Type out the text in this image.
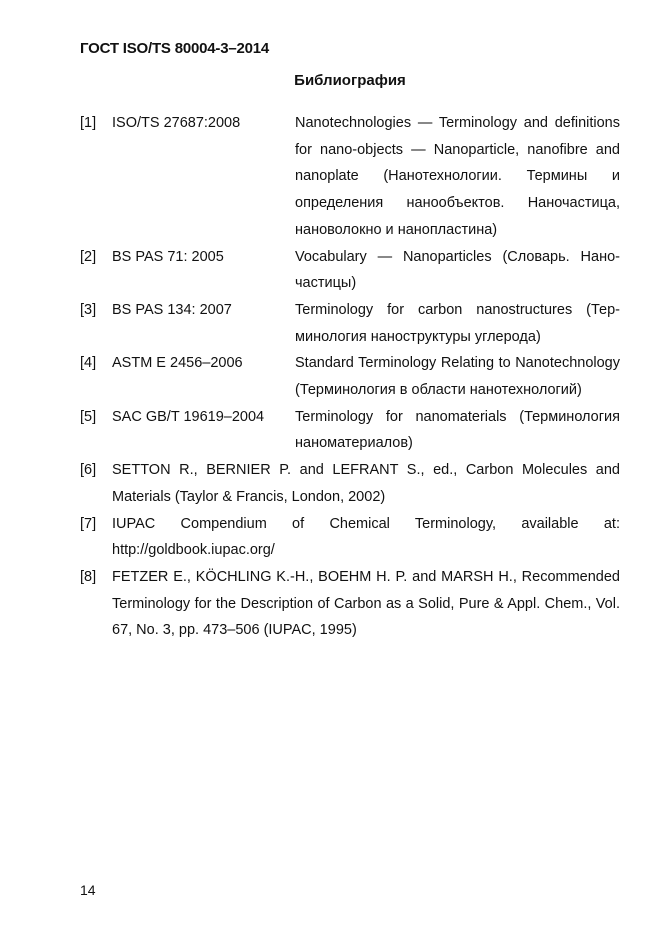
ГОСТ ISO/TS 80004-3–2014
Библиография
[1]	ISO/TS 27687:2008	Nanotechnologies — Terminology and definitions for nano-objects — Nanoparticle, nanofibre and nanoplate (Нанотехнологии. Термины и определения нанообъектов. Наночастица, нановолокно и нанопластина)
[2]	BS PAS 71: 2005	Vocabulary — Nanoparticles (Словарь. Наночастицы)
[3]	BS PAS 134: 2007	Terminology for carbon nanostructures (Терминология наноструктуры углерода)
[4]	ASTM E 2456–2006	Standard Terminology Relating to Nanotechnology (Терминология в области нанотехнологий)
[5]	SAC GB/T 19619–2004	Terminology for nanomaterials (Терминология наноматериалов)
[6]	SETTON R., BERNIER P. and LEFRANT S., ed., Carbon Molecules and Materials (Taylor & Francis, London, 2002)
[7]	IUPAC Compendium of Chemical Terminology, available at: http://goldbook.iupac.org/
[8]	FETZER E., KÖCHLING K.-H., BOEHM H. P. and MARSH H., Recommended Terminology for the Description of Carbon as a Solid, Pure & Appl. Chem., Vol. 67, No. 3, pp. 473–506 (IUPAC, 1995)
14
